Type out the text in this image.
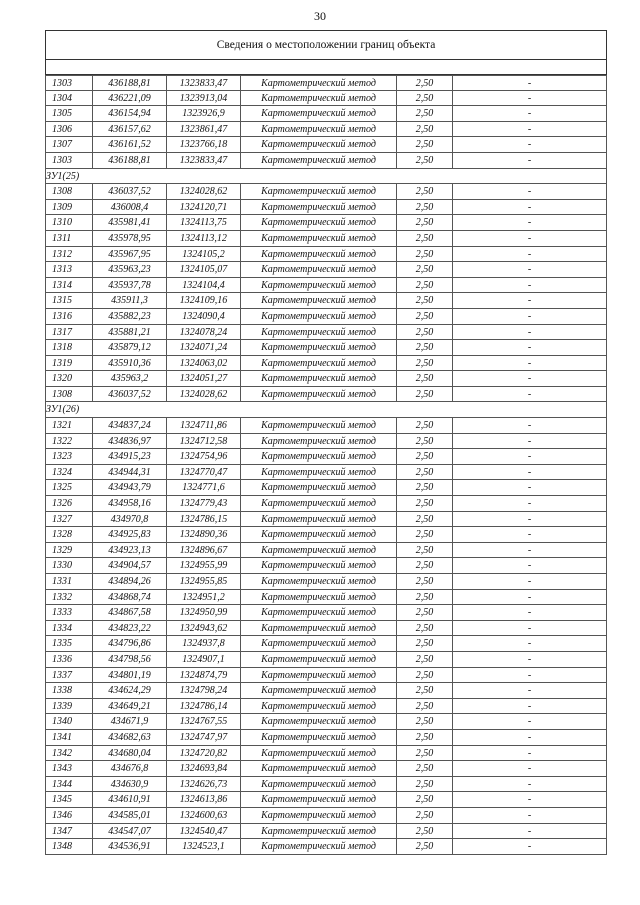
30
Сведения о местоположении границ объекта
1303	436188,81	1323833,47	Картометрический метод	2,50	-
1304	436221,09	1323913,04	Картометрический метод	2,50	-
1305	436154,94	1323926,9	Картометрический метод	2,50	-
1306	436157,62	1323861,47	Картометрический метод	2,50	-
1307	436161,52	1323766,18	Картометрический метод	2,50	-
1303	436188,81	1323833,47	Картометрический метод	2,50	-
ЗУ1(25)
1308	436037,52	1324028,62	Картометрический метод	2,50	-
1309	436008,4	1324120,71	Картометрический метод	2,50	-
1310	435981,41	1324113,75	Картометрический метод	2,50	-
1311	435978,95	1324113,12	Картометрический метод	2,50	-
1312	435967,95	1324105,2	Картометрический метод	2,50	-
1313	435963,23	1324105,07	Картометрический метод	2,50	-
1314	435937,78	1324104,4	Картометрический метод	2,50	-
1315	435911,3	1324109,16	Картометрический метод	2,50	-
1316	435882,23	1324090,4	Картометрический метод	2,50	-
1317	435881,21	1324078,24	Картометрический метод	2,50	-
1318	435879,12	1324071,24	Картометрический метод	2,50	-
1319	435910,36	1324063,02	Картометрический метод	2,50	-
1320	435963,2	1324051,27	Картометрический метод	2,50	-
1308	436037,52	1324028,62	Картометрический метод	2,50	-
ЗУ1(26)
1321	434837,24	1324711,86	Картометрический метод	2,50	-
1322	434836,97	1324712,58	Картометрический метод	2,50	-
1323	434915,23	1324754,96	Картометрический метод	2,50	-
1324	434944,31	1324770,47	Картометрический метод	2,50	-
1325	434943,79	1324771,6	Картометрический метод	2,50	-
1326	434958,16	1324779,43	Картометрический метод	2,50	-
1327	434970,8	1324786,15	Картометрический метод	2,50	-
1328	434925,83	1324890,36	Картометрический метод	2,50	-
1329	434923,13	1324896,67	Картометрический метод	2,50	-
1330	434904,57	1324955,99	Картометрический метод	2,50	-
1331	434894,26	1324955,85	Картометрический метод	2,50	-
1332	434868,74	1324951,2	Картометрический метод	2,50	-
1333	434867,58	1324950,99	Картометрический метод	2,50	-
1334	434823,22	1324943,62	Картометрический метод	2,50	-
1335	434796,86	1324937,8	Картометрический метод	2,50	-
1336	434798,56	1324907,1	Картометрический метод	2,50	-
1337	434801,19	1324874,79	Картометрический метод	2,50	-
1338	434624,29	1324798,24	Картометрический метод	2,50	-
1339	434649,21	1324786,14	Картометрический метод	2,50	-
1340	434671,9	1324767,55	Картометрический метод	2,50	-
1341	434682,63	1324747,97	Картометрический метод	2,50	-
1342	434680,04	1324720,82	Картометрический метод	2,50	-
1343	434676,8	1324693,84	Картометрический метод	2,50	-
1344	434630,9	1324626,73	Картометрический метод	2,50	-
1345	434610,91	1324613,86	Картометрический метод	2,50	-
1346	434585,01	1324600,63	Картометрический метод	2,50	-
1347	434547,07	1324540,47	Картометрический метод	2,50	-
1348	434536,91	1324523,1	Картометрический метод	2,50	-
